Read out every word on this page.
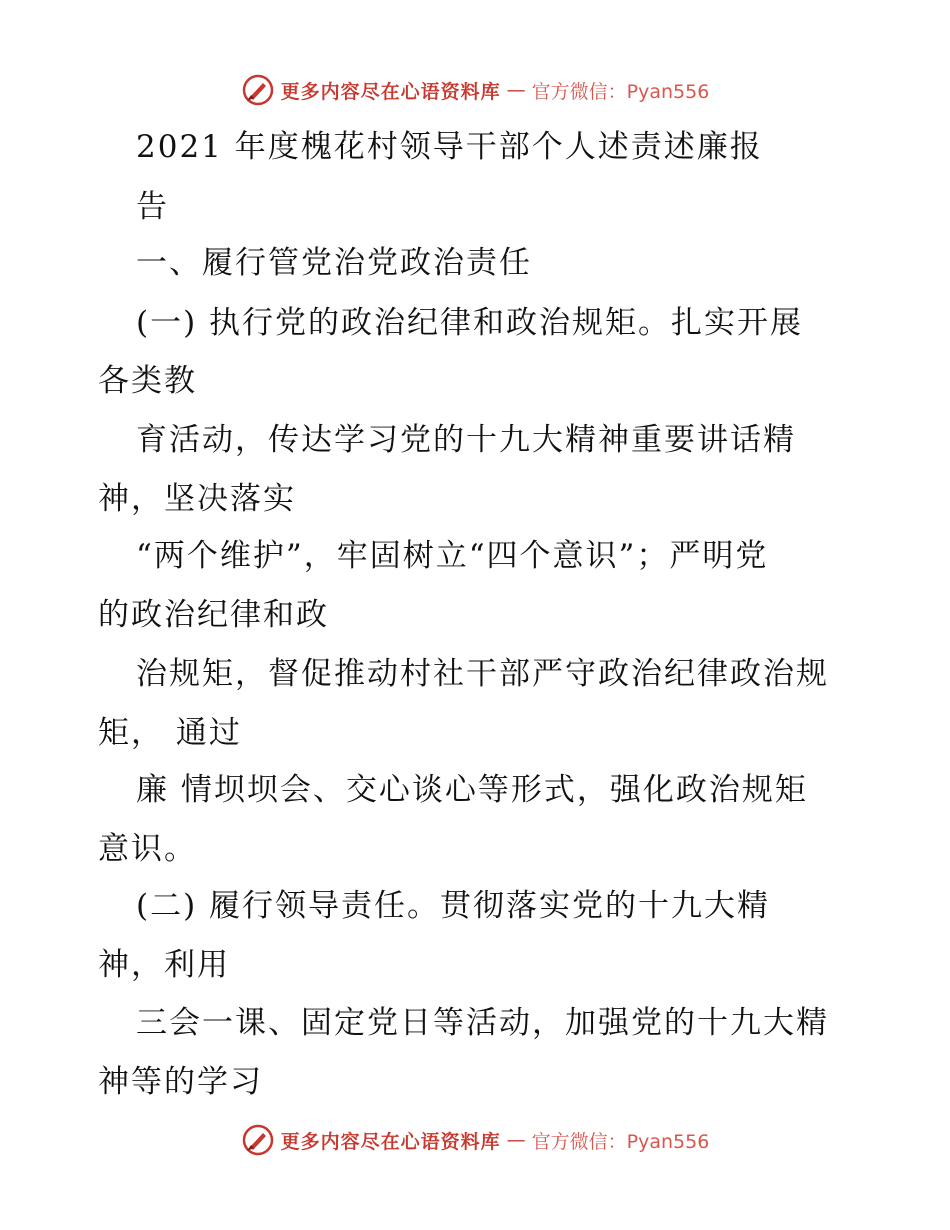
更多内容尽在心语资料库 — 官方微信：Pyan556
2021 年度槐花村领导干部个人述责述廉报
告
一、履行管党治党政治责任
(一) 执行党的政治纪律和政治规矩。扎实开展
各类教
育活动，传达学习党的十九大精神重要讲话精
神，坚决落实
“两个维护”，牢固树立“四个意识”；严明党
的政治纪律和政
治规矩，督促推动村社干部严守政治纪律政治规
矩， 通过
廉 情坝坝会、交心谈心等形式，强化政治规矩
意识。
(二) 履行领导责任。贯彻落实党的十九大精
神，利用
三会一课、固定党日等活动，加强党的十九大精
神等的学习
更多内容尽在心语资料库 — 官方微信：Pyan556
